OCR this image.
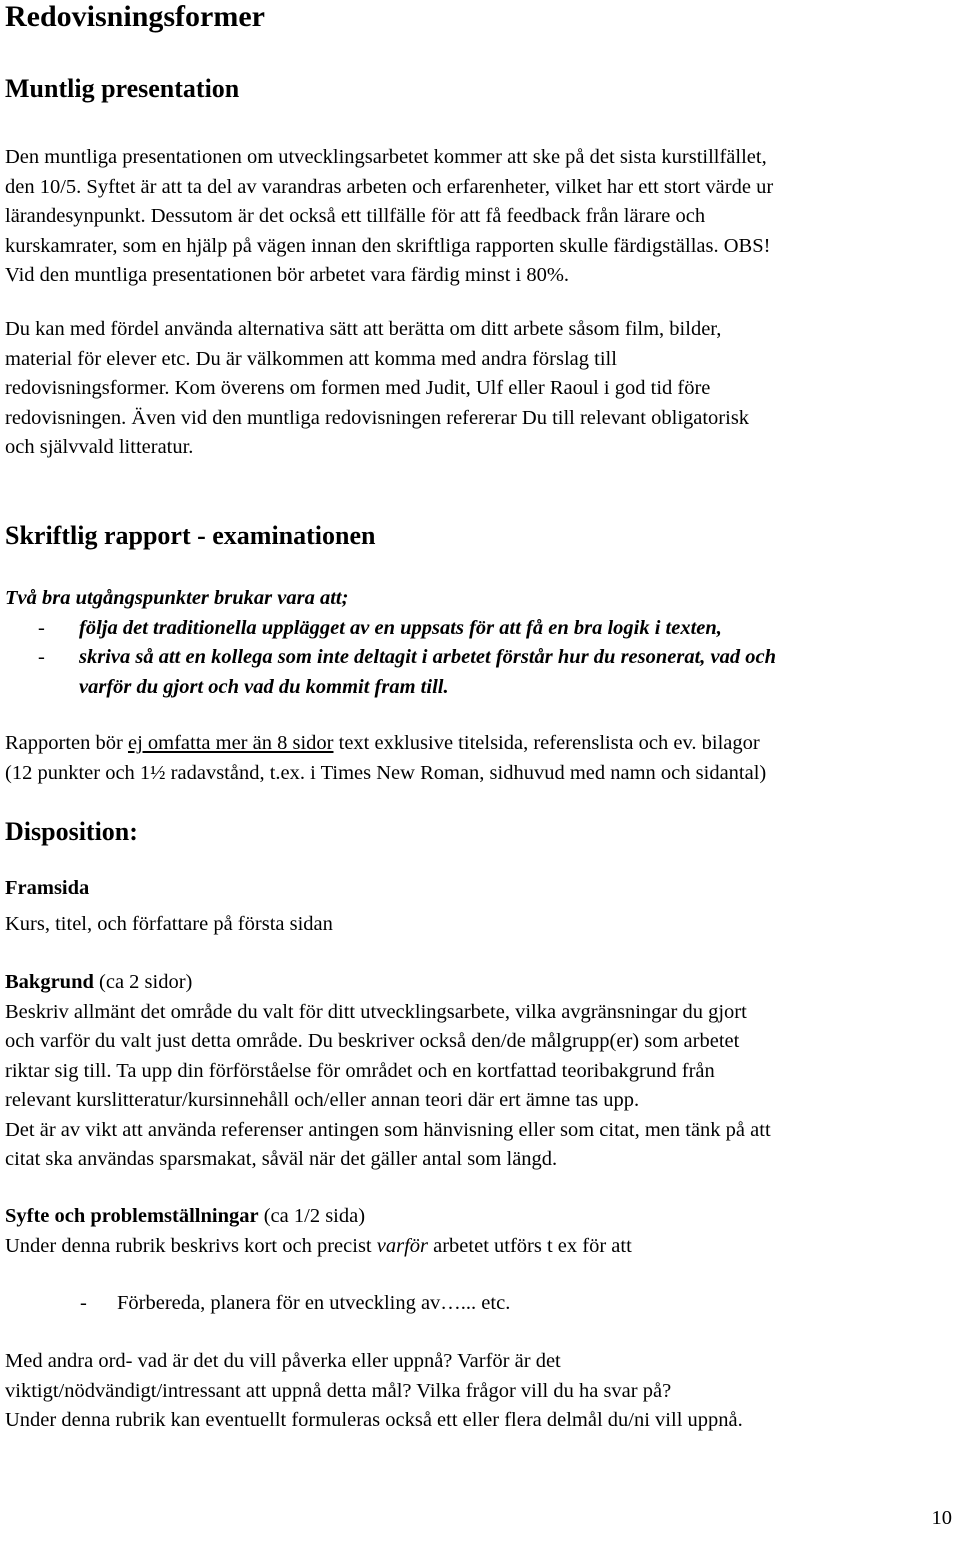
Redovisningsformer
Muntlig presentation

Den muntliga presentationen om utvecklingsarbetet kommer att ske på det sista kurstillfället,

den 10/5. Syftet är att ta del av varandras arbeten och erfarenheter, vilket har ett stort värde ur

lärandesynpunkt. Dessutom är det också ett tillfälle för att få feedback från lärare och

kurskamrater, som en hjälp på vägen innan den skriftliga rapporten skulle färdigställas. OBS!

Vid den muntliga presentationen bör arbetet vara färdig minst i 80%.

Du kan med fördel använda alternativa sätt att berätta om ditt arbete såsom film, bilder,

material för elever etc. Du är välkommen att komma med andra förslag till

redovisningsformer. Kom överens om formen med Judit, Ulf eller Raoul i god tid före

redovisningen. Även vid den muntliga redovisningen refererar Du till relevant obligatorisk

och självvald litteratur.

Skriftlig rapport - examinationen

Två bra utgångspunkter brukar vara att;

- följa det traditionella upplägget av en uppsats för att få en bra logik i texten,

- skriva så att en kollega som inte deltagit i arbetet förstår hur du resonerat, vad och

varför du gjort och vad du kommit fram till.

Rapporten bör ej omfatta mer än 8 sidor text exklusive titelsida, referenslista och ev. bilagor

(12 punkter och 1½ radavstånd, t.ex. i Times New Roman, sidhuvud med namn och sidantal)

Disposition:

Framsida

Kurs, titel, och författare på första sidan

Bakgrund (ca 2 sidor)

Beskriv allmänt det område du valt för ditt utvecklingsarbete, vilka avgränsningar du gjort

och varför du valt just detta område. Du beskriver också den/de målgrupp(er) som arbetet

riktar sig till. Ta upp din förförståelse för området och en kortfattad teoribakgrund från

relevant kurslitteratur/kursinnehåll och/eller annan teori där ert ämne tas upp.

Det är av vikt att använda referenser antingen som hänvisning eller som citat, men tänk på att

citat ska användas sparsmakat, såväl när det gäller antal som längd.

Syfte och problemställningar (ca 1/2 sida)

Under denna rubrik beskrivs kort och precist varför arbetet utförs t ex för att

- Förbereda, planera för en utveckling av…... etc.

Med andra ord- vad är det du vill påverka eller uppnå? Varför är det

viktigt/nödvändigt/intressant att uppnå detta mål? Vilka frågor vill du ha svar på?

Under denna rubrik kan eventuellt formuleras också ett eller flera delmål du/ni vill uppnå.

10
